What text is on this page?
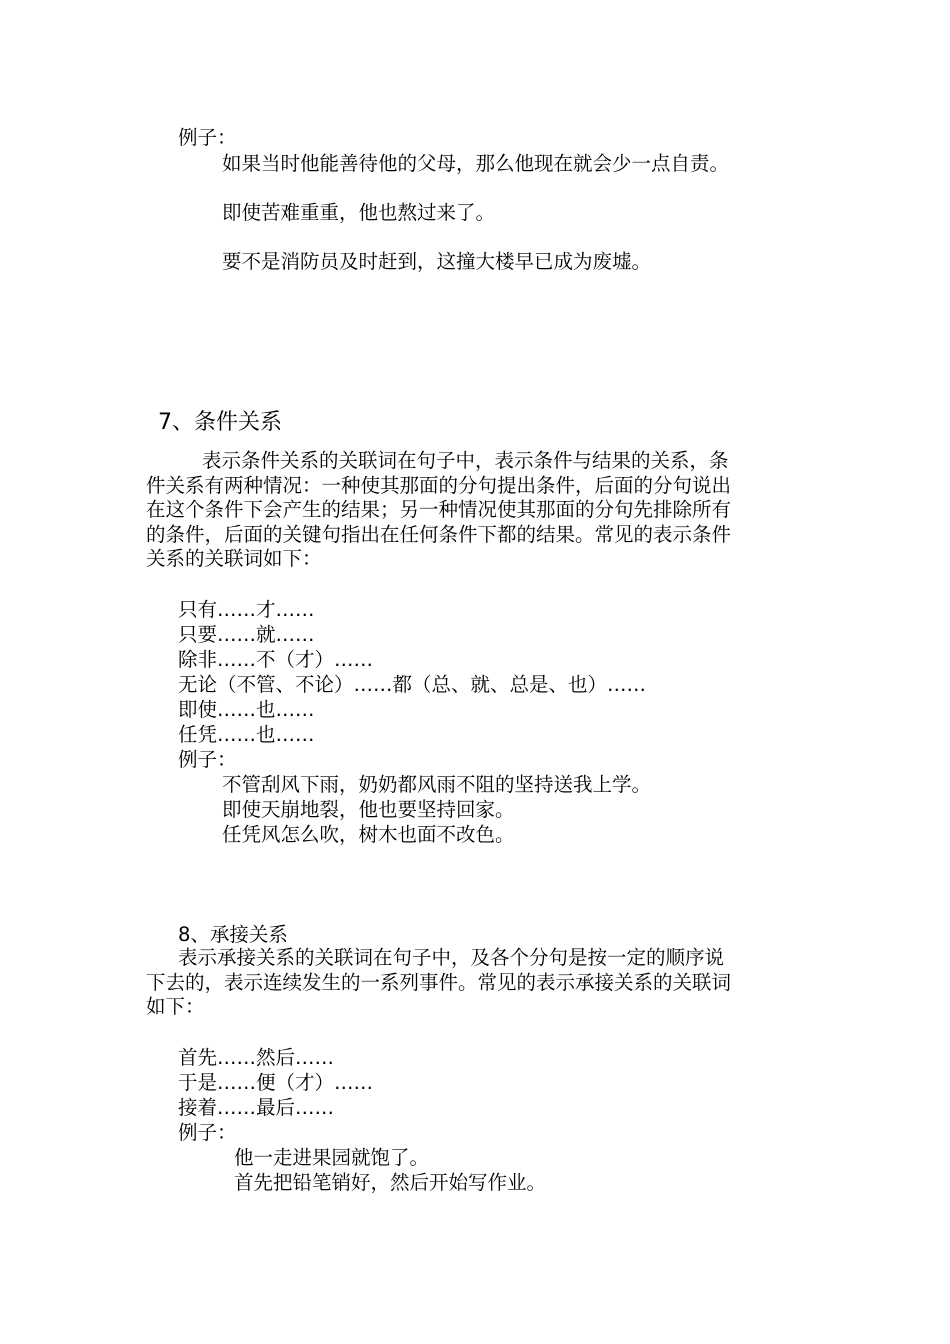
例子：
如果当时他能善待他的父母，那么他现在就会少一点自责。
即使苦难重重，他也熬过来了。
要不是消防员及时赶到，这撞大楼早已成为废墟。
7、条件关系
表示条件关系的关联词在句子中，表示条件与结果的关系，条
件关系有两种情况：一种使其那面的分句提出条件，后面的分句说出
在这个条件下会产生的结果；另一种情况使其那面的分句先排除所有
的条件，后面的关键句指出在任何条件下都的结果。常见的表示条件
关系的关联词如下：
只有……才……
只要……就……
除非……不（才）……
无论（不管、不论）……都（总、就、总是、也）……
即使……也……
任凭……也……
例子：
不管刮风下雨，奶奶都风雨不阻的坚持送我上学。
即使天崩地裂，他也要坚持回家。
任凭风怎么吹，树木也面不改色。
8、承接关系
表示承接关系的关联词在句子中，及各个分句是按一定的顺序说
下去的，表示连续发生的一系列事件。常见的表示承接关系的关联词
如下：
首先……然后……
于是……便（才）……
接着……最后……
例子：
他一走进果园就饱了。
首先把铅笔销好，然后开始写作业。
